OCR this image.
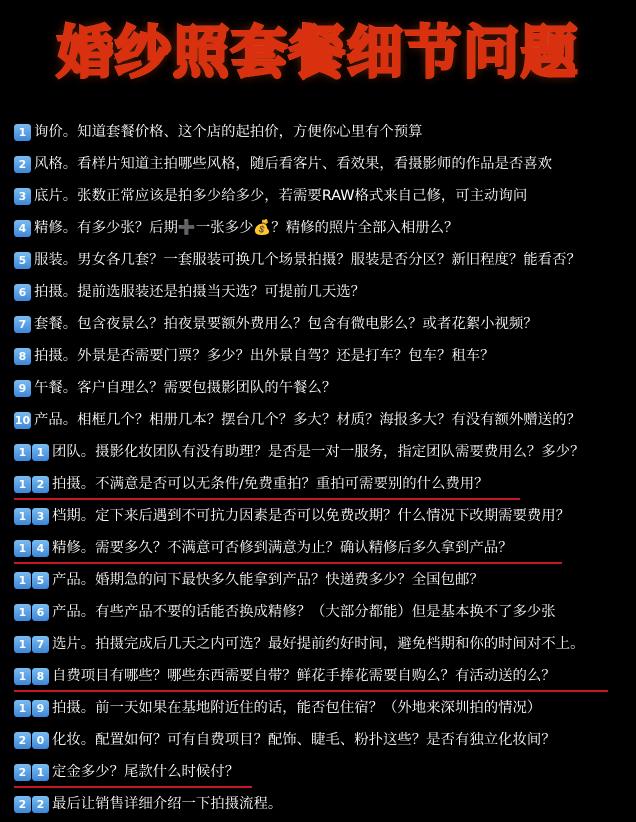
婚纱照套餐细节问题
1 询价。知道套餐价格、这个店的起拍价，方便你心里有个预算
2 风格。看样片知道主拍哪些风格，随后看客片、看效果，看摄影师的作品是否喜欢
3 底片。张数正常应该是拍多少给多少，若需要RAW格式来自己修，可主动询问
4 精修。有多少张？后期➕一张多少💰？精修的照片全部入相册么？
5 服装。男女各几套？一套服装可换几个场景拍摄？服装是否分区？新旧程度？能看否？
6 拍摄。提前选服装还是拍摄当天选？可提前几天选？
7 套餐。包含夜景么？拍夜景要额外费用么？包含有微电影么？或者花絮小视频？
8 拍摄。外景是否需要门票？多少？出外景自驾？还是打车？包车？租车？
9 午餐。客户自理么？需要包摄影团队的午餐么？
10 产品。相框几个？相册几本？摆台几个？多大？材质？海报多大？有没有额外赠送的？
1 1 团队。摄影化妆团队有没有助理？是否是一对一服务，指定团队需要费用么？多少？
1 2 拍摄。不满意是否可以无条件/免费重拍？重拍可需要别的什么费用？
1 3 档期。定下来后遇到不可抗力因素是否可以免费改期？什么情况下改期需要费用？
1 4 精修。需要多久？不满意可否修到满意为止？确认精修后多久拿到产品？
1 5 产品。婚期急的问下最快多久能拿到产品？快递费多少？全国包邮？
1 6 产品。有些产品不要的话能否换成精修？（大部分都能）但是基本换不了多少张
1 7 选片。拍摄完成后几天之内可选？最好提前约好时间，避免档期和你的时间对不上。
1 8 自费项目有哪些？哪些东西需要自带？鲜花手捧花需要自购么？有活动送的么？
1 9 拍摄。前一天如果在基地附近住的话，能否包住宿？（外地来深圳拍的情况）
2 0 化妆。配置如何？可有自费项目？配饰、睫毛、粉扑这些？是否有独立化妆间？
2 1 定金多少？尾款什么时候付？
2 2 最后让销售详细介绍一下拍摄流程。
